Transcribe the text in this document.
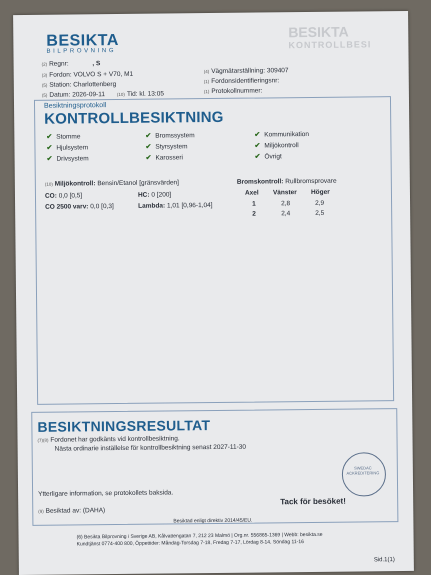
BESIKTA
BILPROVNING
BESIKTA
KONTROLLBESI
(2) Regnr:	, S
(3) Fordon: VOLVO S + V70, M1
(5) Station: Charlottenberg
(5) Datum: 2026-09-11	(10) Tid: kl. 13:05
(4) Vägmätarställning: 309407
(1) Fordonsidentifieringsnr:
(1) Protokollnummer:
Besiktningsprotokoll
KONTROLLBESIKTNING
✔ Stomme
✔ Hjulsystem
✔ Drivsystem
✔ Bromssystem
✔ Styrsystem
✔ Karosseri
✔ Kommunikation
✔ Miljökontroll
✔ Övrigt
(10) Miljökontroll: Bensin/Etanol [gränsvärden]
CO: 0,0 [0,5]	HC: 0 [200]
CO 2500 varv: 0,0 [0,3]	Lambda: 1,01 [0,96-1,04]
Bromskontroll: Rullbromsprovare
Axel Vänster Höger
1	2,8	2,9
2	2,4	2,5
BESIKTNINGSRESULTAT
(7)(8) Fordonet har godkänts vid kontrollbesiktning.
Nästa ordinarie inställelse för kontrollbesiktning senast 2027-11-30
SWEDAC ACKREDITERING
Ytterligare information, se protokollets baksida.
Tack för besöket!
(9) Besiktad av: (DAHA)
Besiktad enligt direktiv 2014/45/EU.
(6) Besikta Bilprovning i Sverige AB, Kålvattengatan 7, 212 23 Malmö | Org.nr. 556865-1369 | Webb: besikta.se
Kundtjänst 0774-400 800, Öppettider: Måndag-Torsdag 7-18, Fredag 7-17, Lördag 8-14, Söndag 11-16
Sid.1(1)
